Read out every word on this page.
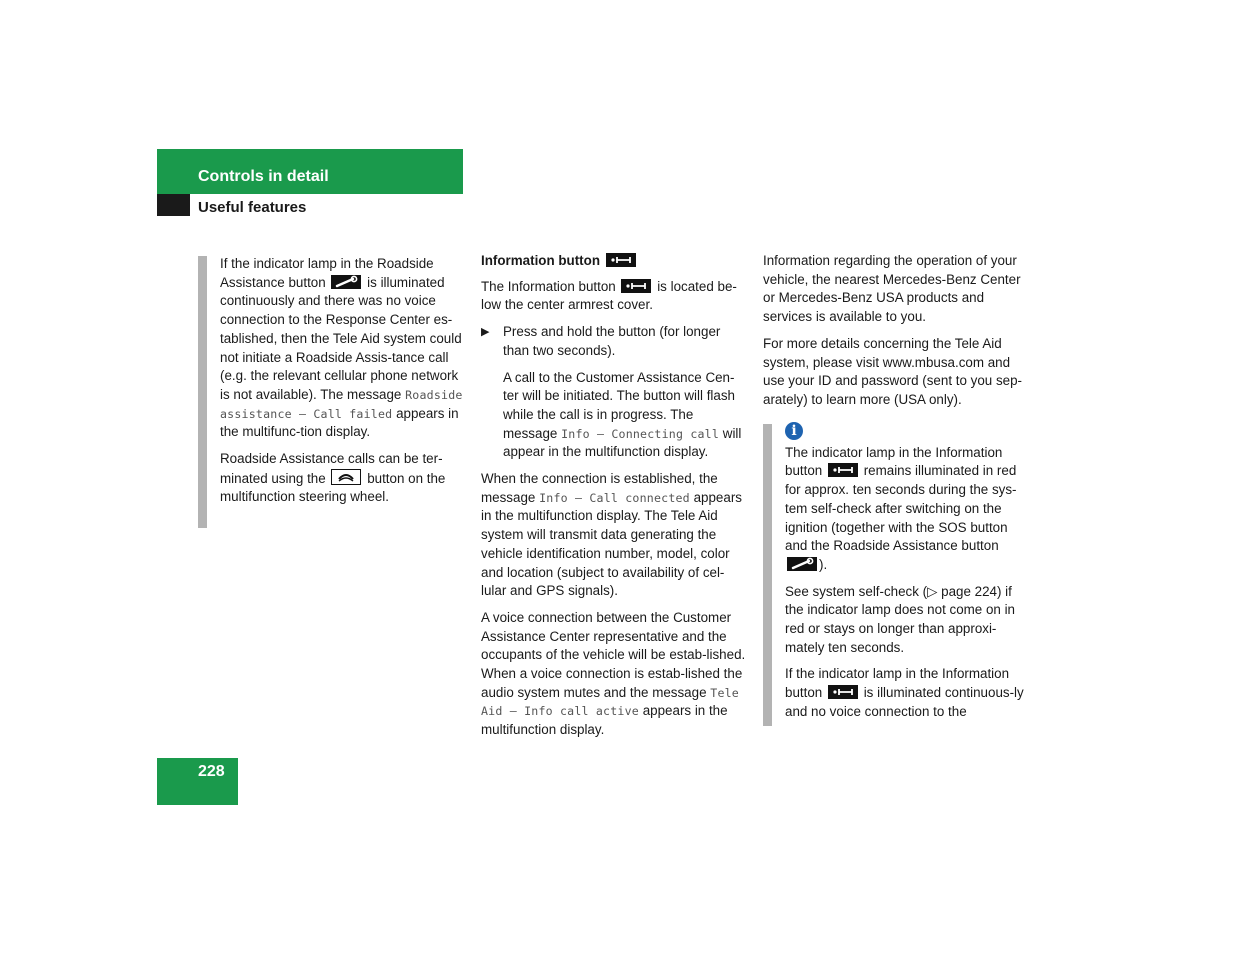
Controls in detail
Useful features

If the indicator lamp in the Roadside Assistance button	is illuminated continuously and there was no voice connection to the Response Center es-tablished, then the Tele Aid system could not initiate a Roadside Assis-tance call (e.g. the relevant cellular phone network is not available). The message Roadside assistance – Call failed appears in the multifunc-tion display.

Roadside Assistance calls can be ter-minated using the	button on the multifunction steering wheel.

Information button

The Information button	is located be-low the center armrest cover.

▶ Press and hold the button (for longer than two seconds).

A call to the Customer Assistance Cen-ter will be initiated. The button will flash while the call is in progress. The message Info – Connecting call will appear in the multifunction display.

When the connection is established, the message Info – Call connected appears in the multifunction display. The Tele Aid system will transmit data generating the vehicle identification number, model, color and location (subject to availability of cel-lular and GPS signals).

A voice connection between the Customer Assistance Center representative and the occupants of the vehicle will be estab-lished. When a voice connection is estab-lished the audio system mutes and the message Tele Aid – Info call active appears in the multifunction display.

Information regarding the operation of your vehicle, the nearest Mercedes-Benz Center or Mercedes-Benz USA products and services is available to you.

For more details concerning the Tele Aid system, please visit www.mbusa.com and use your ID and password (sent to you sep-arately) to learn more (USA only).

i

The indicator lamp in the Information button	remains illuminated in red for approx. ten seconds during the sys-tem self-check after switching on the ignition (together with the SOS button and the Roadside Assistance button
).

See system self-check (▷ page 224) if the indicator lamp does not come on in red or stays on longer than approxi-mately ten seconds.

If the indicator lamp in the Information button	is illuminated continuous-ly and no voice connection to the

228
